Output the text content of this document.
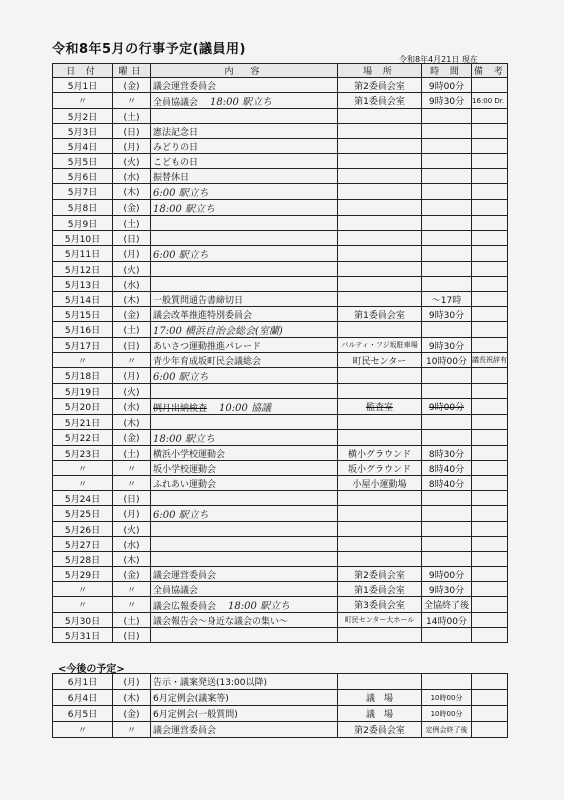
令和8年5月の行事予定(議員用)
令和8年4月21日 現在
日 付	曜日	内　容	場 所	時 間	備 考
5月1日	(金)	議会運営委員会	第2委員会室	9時00分	
〃	〃	全員協議会 18:00 駅立ち	第1委員会室	9時30分	16:00 Dr.
5月2日	(土)				
5月3日	(日)	憲法記念日			
5月4日	(月)	みどりの日			
5月5日	(火)	こどもの日			
5月6日	(水)	振替休日			
5月7日	(木)	6:00 駅立ち			
5月8日	(金)	18:00 駅立ち			
5月9日	(土)				
5月10日	(日)				
5月11日	(月)	6:00 駅立ち			
5月12日	(火)				
5月13日	(水)				
5月14日	(木)	一般質問通告書締切日		～17時	
5月15日	(金)	議会改革推進特別委員会	第1委員会室	9時30分	
5月16日	(土)	17:00 横浜自治会総会(室蘭)			
5月17日	(日)	あいさつ運動推進パレード	パルティ・フジ坂駐車場	9時30分	
〃	〃	青少年育成坂町民会議総会	町民センター	10時00分	議長祝辞有
5月18日	(月)	6:00 駅立ち			
5月19日	(火)				
5月20日	(水)	例月出納検査 10:00 協議	監査室	9時00分	
5月21日	(木)				
5月22日	(金)	18:00 駅立ち			
5月23日	(土)	横浜小学校運動会	横小グラウンド	8時30分	
〃	〃	坂小学校運動会	坂小グラウンド	8時40分	
〃	〃	ふれあい運動会	小屋小運動場	8時40分	
5月24日	(日)				
5月25日	(月)	6:00 駅立ち			
5月26日	(火)				
5月27日	(水)				
5月28日	(木)				
5月29日	(金)	議会運営委員会	第2委員会室	9時00分	
〃	〃	全員協議会	第1委員会室	9時30分	
〃	〃	議会広報委員会 18:00 駅立ち	第3委員会室	全協終了後	
5月30日	(土)	議会報告会～身近な議会の集い～	町民センター大ホール	14時00分	
5月31日	(日)				
<今後の予定>
6月1日	(月)	告示・議案発送(13:00以降)			
6月4日	(木)	6月定例会(議案等)	議　場	10時00分	
6月5日	(金)	6月定例会(一般質問)	議　場	10時00分	
〃	〃	議会運営委員会	第2委員会室	定例会終了後	
